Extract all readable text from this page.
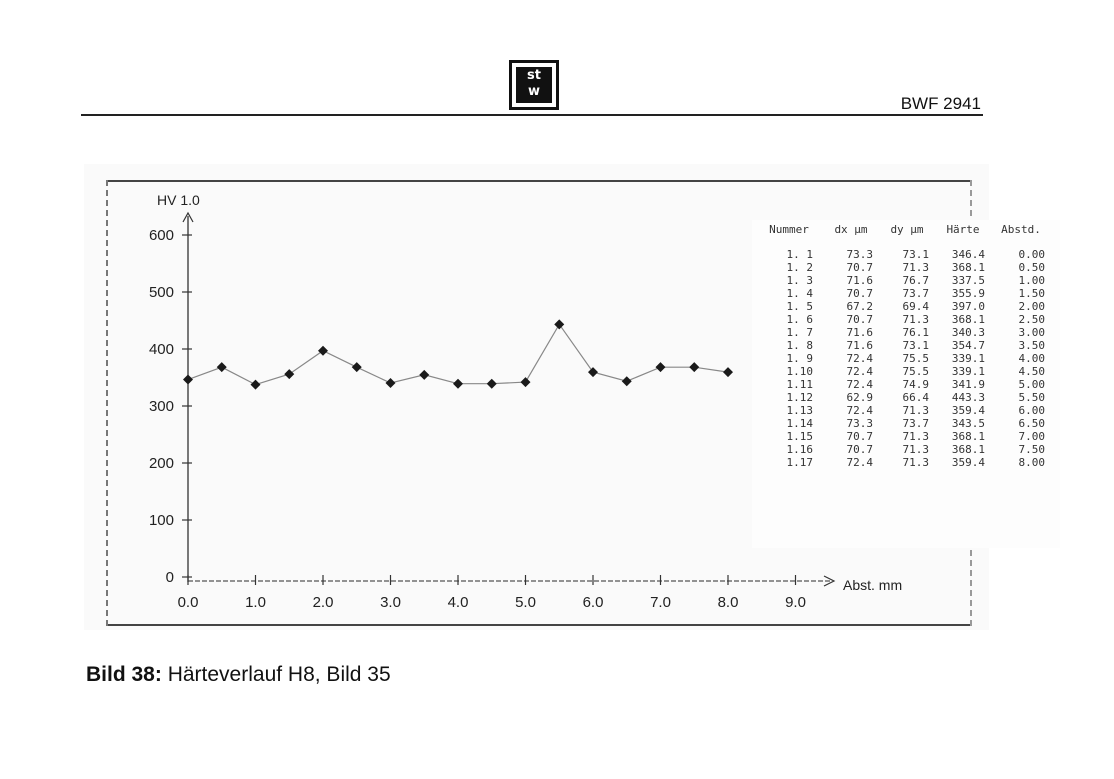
st
w
BWF 2941
0
100
200
300
400
500
600
0.0	1.0	2.0	3.0	4.0	5.0	6.0	7.0	8.0	9.0
HV 1.0
Abst. mm
Nummer	dx µm	dy µm	Härte	Abstd.
1. 1	73.3	73.1	346.4	0.00
1. 2	70.7	71.3	368.1	0.50
1. 3	71.6	76.7	337.5	1.00
1. 4	70.7	73.7	355.9	1.50
1. 5	67.2	69.4	397.0	2.00
1. 6	70.7	71.3	368.1	2.50
1. 7	71.6	76.1	340.3	3.00
1. 8	71.6	73.1	354.7	3.50
1. 9	72.4	75.5	339.1	4.00
1.10	72.4	75.5	339.1	4.50
1.11	72.4	74.9	341.9	5.00
1.12	62.9	66.4	443.3	5.50
1.13	72.4	71.3	359.4	6.00
1.14	73.3	73.7	343.5	6.50
1.15	70.7	71.3	368.1	7.00
1.16	70.7	71.3	368.1	7.50
1.17	72.4	71.3	359.4	8.00
Bild 38: Härteverlauf H8, Bild 35
